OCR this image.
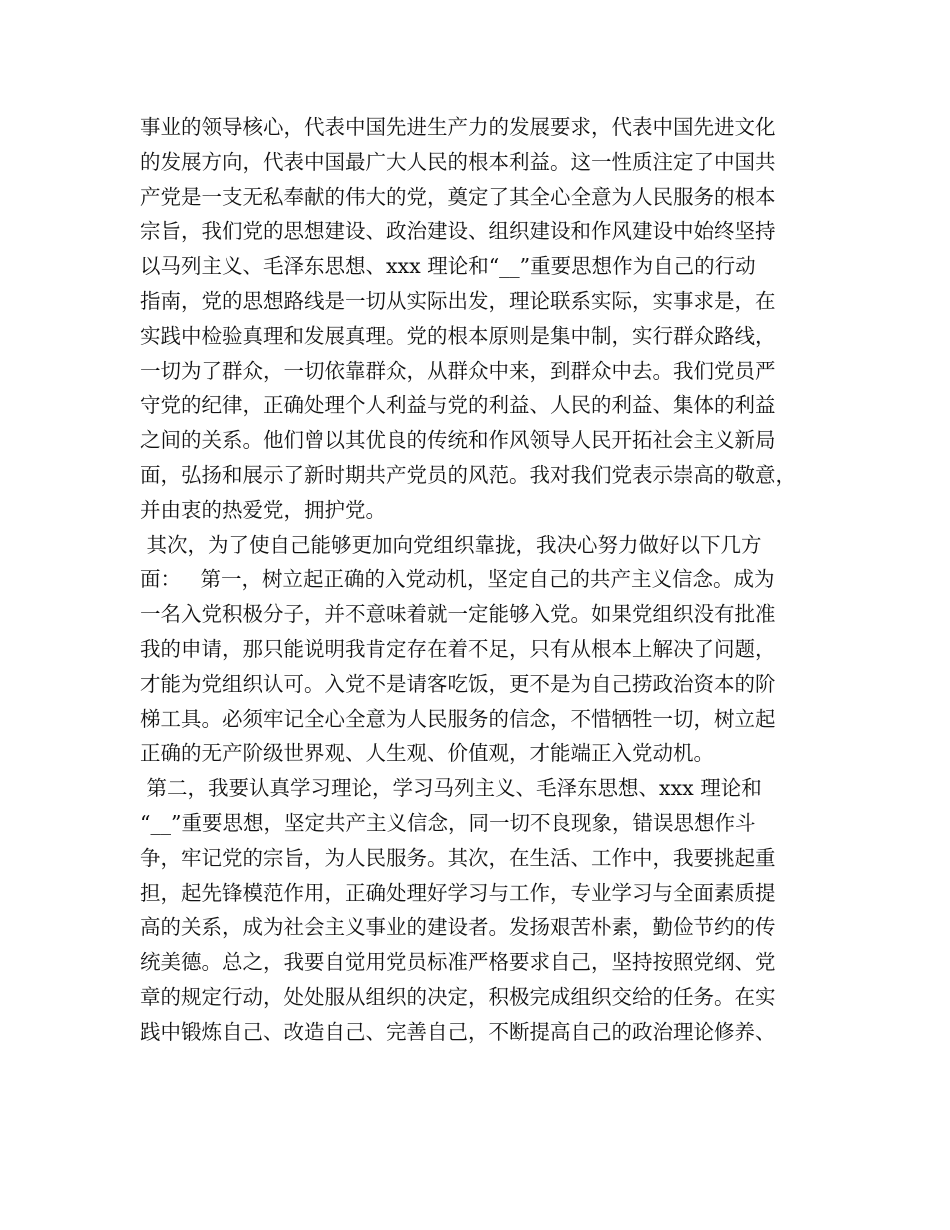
事业的领导核心，代表中国先进生产力的发展要求，代表中国先进文化
的发展方向，代表中国最广大人民的根本利益。这一性质注定了中国共
产党是一支无私奉献的伟大的党，奠定了其全心全意为人民服务的根本
宗旨，我们党的思想建设、政治建设、组织建设和作风建设中始终坚持
以马列主义、毛泽东思想、xxx 理论和“__”重要思想作为自己的行动
指南，党的思想路线是一切从实际出发，理论联系实际，实事求是，在
实践中检验真理和发展真理。党的根本原则是集中制，实行群众路线，
一切为了群众，一切依靠群众，从群众中来，到群众中去。我们党员严
守党的纪律，正确处理个人利益与党的利益、人民的利益、集体的利益
之间的关系。他们曾以其优良的传统和作风领导人民开拓社会主义新局
面，弘扬和展示了新时期共产党员的风范。我对我们党表示崇高的敬意，
并由衷的热爱党，拥护党。
其次，为了使自己能够更加向党组织靠拢，我决心努力做好以下几方
面：   第一，树立起正确的入党动机，坚定自己的共产主义信念。成为
一名入党积极分子，并不意味着就一定能够入党。如果党组织没有批准
我的申请，那只能说明我肯定存在着不足，只有从根本上解决了问题，
才能为党组织认可。入党不是请客吃饭，更不是为自己捞政治资本的阶
梯工具。必须牢记全心全意为人民服务的信念，不惜牺牲一切，树立起
正确的无产阶级世界观、人生观、价值观，才能端正入党动机。
第二，我要认真学习理论，学习马列主义、毛泽东思想、xxx 理论和
“__”重要思想，坚定共产主义信念，同一切不良现象，错误思想作斗
争，牢记党的宗旨，为人民服务。其次，在生活、工作中，我要挑起重
担，起先锋模范作用，正确处理好学习与工作，专业学习与全面素质提
高的关系，成为社会主义事业的建设者。发扬艰苦朴素，勤俭节约的传
统美德。总之，我要自觉用党员标准严格要求自己，坚持按照党纲、党
章的规定行动，处处服从组织的决定，积极完成组织交给的任务。在实
践中锻炼自己、改造自己、完善自己，不断提高自己的政治理论修养、
